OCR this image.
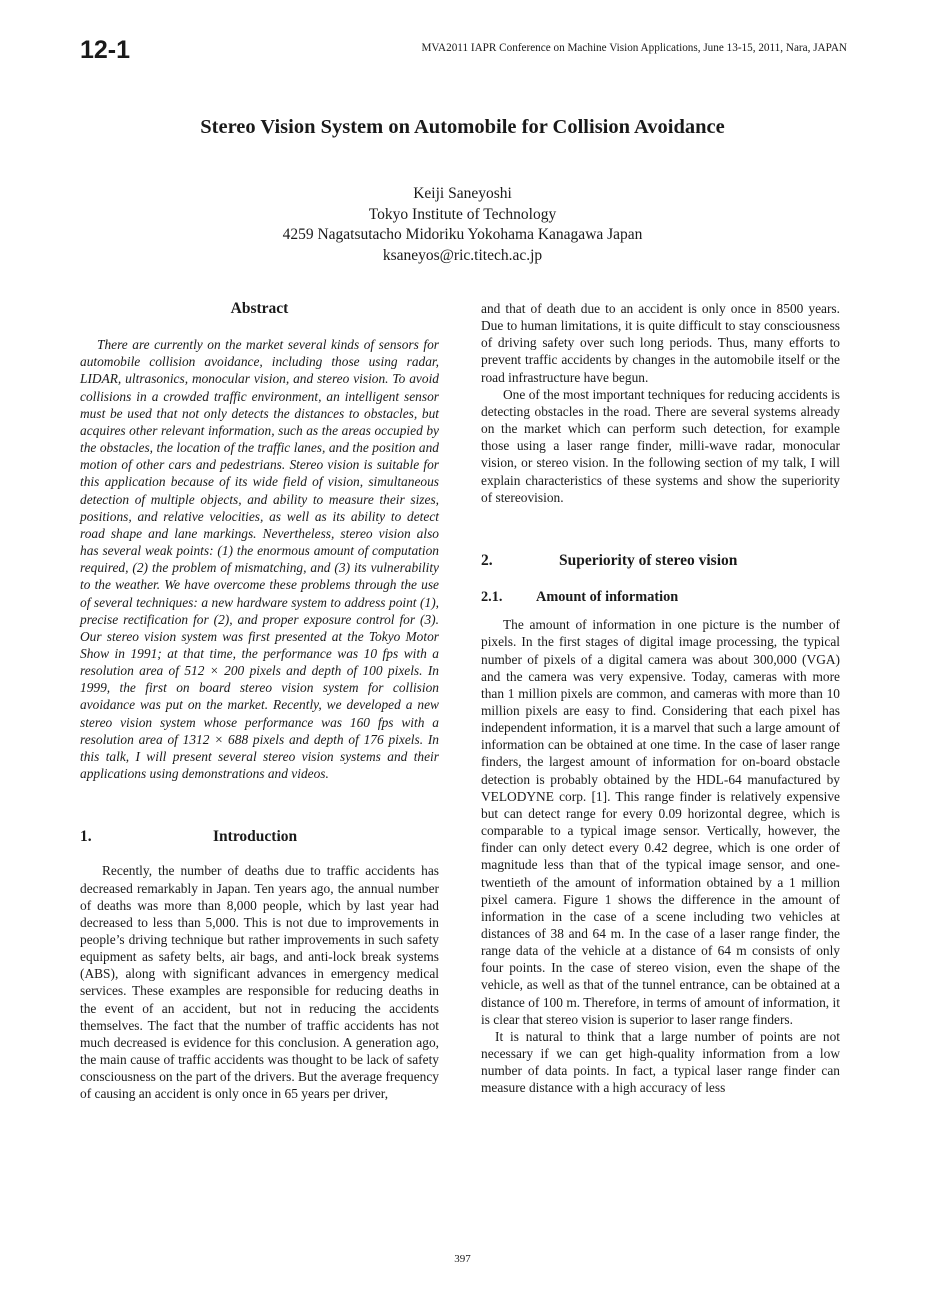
12-1	MVA2011 IAPR Conference on Machine Vision Applications, June 13-15, 2011, Nara, JAPAN
Stereo Vision System on Automobile for Collision Avoidance
Keiji Saneyoshi
Tokyo Institute of Technology
4259 Nagatsutacho Midoriku Yokohama Kanagawa Japan
ksaneyos@ric.titech.ac.jp
Abstract

There are currently on the market several kinds of sensors for automobile collision avoidance, including those using radar, LIDAR, ultrasonics, monocular vision, and stereo vision. To avoid collisions in a crowded traffic environment, an intelligent sensor must be used that not only detects the distances to obstacles, but acquires other relevant information, such as the areas occupied by the obstacles, the location of the traffic lanes, and the position and motion of other cars and pedestrians. Stereo vision is suitable for this application because of its wide field of vision, simultaneous detection of multiple objects, and ability to measure their sizes, positions, and relative velocities, as well as its ability to detect road shape and lane markings. Nevertheless, stereo vision also has several weak points: (1) the enormous amount of computation required, (2) the problem of mismatching, and (3) its vulnerability to the weather. We have overcome these problems through the use of several techniques: a new hardware system to address point (1), precise rectification for (2), and proper exposure control for (3). Our stereo vision system was first presented at the Tokyo Motor Show in 1991; at that time, the performance was 10 fps with a resolution area of 512 × 200 pixels and depth of 100 pixels. In 1999, the first on board stereo vision system for collision avoidance was put on the market. Recently, we developed a new stereo vision system whose performance was 160 fps with a resolution area of 1312 × 688 pixels and depth of 176 pixels. In this talk, I will present several stereo vision systems and their applications using demonstrations and videos.

1.	Introduction

Recently, the number of deaths due to traffic accidents has decreased remarkably in Japan. Ten years ago, the annual number of deaths was more than 8,000 people, which by last year had decreased to less than 5,000. This is not due to improvements in people’s driving technique but rather improvements in such safety equipment as safety belts, air bags, and anti-lock break systems (ABS), along with significant advances in emergency medical services. These examples are responsible for reducing deaths in the event of an accident, but not in reducing the accidents themselves. The fact that the number of traffic accidents has not much decreased is evidence for this conclusion. A generation ago, the main cause of traffic accidents was thought to be lack of safety consciousness on the part of the drivers. But the average frequency of causing an accident is only once in 65 years per driver,

and that of death due to an accident is only once in 8500 years. Due to human limitations, it is quite difficult to stay consciousness of driving safety over such long periods. Thus, many efforts to prevent traffic accidents by changes in the automobile itself or the road infrastructure have begun.

One of the most important techniques for reducing accidents is detecting obstacles in the road. There are several systems already on the market which can perform such detection, for example those using a laser range finder, milli-wave radar, monocular vision, or stereo vision. In the following section of my talk, I will explain characteristics of these systems and show the superiority of stereovision.

2.	Superiority of stereo vision
2.1.	Amount of information

The amount of information in one picture is the number of pixels. In the first stages of digital image processing, the typical number of pixels of a digital camera was about 300,000 (VGA) and the camera was very expensive. Today, cameras with more than 1 million pixels are common, and cameras with more than 10 million pixels are easy to find. Considering that each pixel has independent information, it is a marvel that such a large amount of information can be obtained at one time. In the case of laser range finders, the largest amount of information for on-board obstacle detection is probably obtained by the HDL-64 manufactured by VELODYNE corp. [1]. This range finder is relatively expensive but can detect range for every 0.09 horizontal degree, which is comparable to a typical image sensor. Vertically, however, the finder can only detect every 0.42 degree, which is one order of magnitude less than that of the typical image sensor, and one-twentieth of the amount of information obtained by a 1 million pixel camera. Figure 1 shows the difference in the amount of information in the case of a scene including two vehicles at distances of 38 and 64 m. In the case of a laser range finder, the range data of the vehicle at a distance of 64 m consists of only four points. In the case of stereo vision, even the shape of the vehicle, as well as that of the tunnel entrance, can be obtained at a distance of 100 m. Therefore, in terms of amount of information, it is clear that stereo vision is superior to laser range finders.

It is natural to think that a large number of points are not necessary if we can get high-quality information from a low number of data points. In fact, a typical laser range finder can measure distance with a high accuracy of less

397
